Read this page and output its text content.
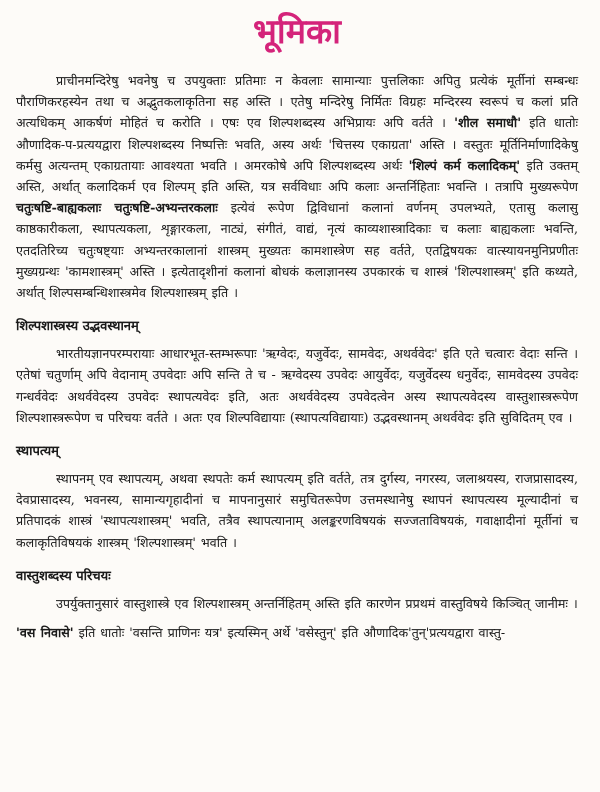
भूमिका

प्राचीनमन्दिरेषु भवनेषु च उपयुक्ताः प्रतिमाः न केवलाः सामान्याः पुत्तलिकाः अपितु प्रत्येकं मूर्तीनां सम्बन्धः पौराणिकरहस्येन तथा च अद्भुतकलाकृतिना सह अस्ति । एतेषु मन्दिरेषु निर्मितः विग्रहः मन्दिरस्य स्वरूपं च कलां प्रति अत्यधिकम् आकर्षणं मोहितं च करोति । एषः एव शिल्पशब्दस्य अभिप्रायः अपि वर्तते । 'शील समाधौ' इति धातोः औणादिक-प-प्रत्ययद्वारा शिल्पशब्दस्य निष्पत्तिः भवति, अस्य अर्थः 'चित्तस्य एकाग्रता' अस्ति । वस्तुतः मूर्तिनिर्माणादिकेषु कर्मसु अत्यन्तम् एकाग्रतायाः आवश्यता भवति । अमरकोषे अपि शिल्पशब्दस्य अर्थः 'शिल्पं कर्म कलादिकम्' इति उक्तम् अस्ति, अर्थात् कलादिकर्म एव शिल्पम् इति अस्ति, यत्र सर्वविधाः अपि कलाः अन्तर्निहिताः भवन्ति । तत्रापि मुख्यरूपेण चतुःषष्टि-बाह्यकलाः चतुःषष्टि-अभ्यन्तरकलाः इत्येवं रूपेण द्विविधानां कलानां वर्णनम् उपलभ्यते, एतासु कलासु काष्ठकारीकला, स्थापत्यकला, शृङ्गारकला, नाट्यं, संगीतं, वाद्यं, नृत्यं काव्यशास्त्रादिकाः च कलाः बाह्यकलाः भवन्ति, एतदतिरिच्य चतुःषष्ट्याः अभ्यन्तरकालानां शास्त्रम् मुख्यतः कामशास्त्रेण सह वर्तते, एतद्विषयकः वात्स्यायनमुनिप्रणीतः मुख्यग्रन्थः 'कामशास्त्रम्' अस्ति । इत्येतादृशीनां कलानां बोधकं कलाज्ञानस्य उपकारकं च शास्त्रं 'शिल्पशास्त्रम्' इति कथ्यते, अर्थात् शिल्पसम्बन्धिशास्त्रमेव शिल्पशास्त्रम् इति ।

शिल्पशास्त्रस्य उद्भवस्थानम्

भारतीयज्ञानपरम्परायाः आधारभूत-स्तम्भरूपाः 'ऋग्वेदः, यजुर्वेदः, सामवेदः, अथर्ववेदः' इति एते चत्वारः वेदाः सन्ति । एतेषां चतुर्णाम् अपि वेदानाम् उपवेदाः अपि सन्ति ते च - ऋग्वेदस्य उपवेदः आयुर्वेदः, यजुर्वेदस्य धनुर्वेदः, सामवेदस्य उपवेदः गन्धर्ववेदः अथर्ववेदस्य उपवेदः स्थापत्यवेदः इति, अतः अथर्ववेदस्य उपवेदत्वेन अस्य स्थापत्यवेदस्य वास्तुशास्त्ररूपेण शिल्पशास्त्ररूपेण च परिचयः वर्तते । अतः एव शिल्पविद्यायाः (स्थापत्यविद्यायाः) उद्भवस्थानम् अथर्ववेदः इति सुविदितम् एव ।

स्थापत्यम्

स्थापनम् एव स्थापत्यम्, अथवा स्थपतेः कर्म स्थापत्यम् इति वर्तते, तत्र दुर्गस्य, नगरस्य, जलाश्रयस्य, राजप्रासादस्य, देवप्रासादस्य, भवनस्य, सामान्यगृहादीनां च मापनानुसारं समुचितरूपेण उत्तमस्थानेषु स्थापनं स्थापत्यस्य मूल्यादीनां च प्रतिपादकं शास्त्रं 'स्थापत्यशास्त्रम्' भवति, तत्रैव स्थापत्यानाम् अलङ्करणविषयकं सज्जताविषयकं, गवाक्षादीनां मूर्तीनां च कलाकृतिविषयकं शास्त्रम् 'शिल्पशास्त्रम्' भवति ।

वास्तुशब्दस्य परिचयः

उपर्युक्तानुसारं वास्तुशास्त्रे एव शिल्पशास्त्रम् अन्तर्निहितम् अस्ति इति कारणेन प्रप्रथमं वास्तुविषये किञ्चित् जानीमः ।

'वस निवासे' इति धातोः 'वसन्ति प्राणिनः यत्र' इत्यस्मिन् अर्थे 'वसेस्तुन्' इति औणादिक'तुन्'प्रत्ययद्वारा वास्तु-
